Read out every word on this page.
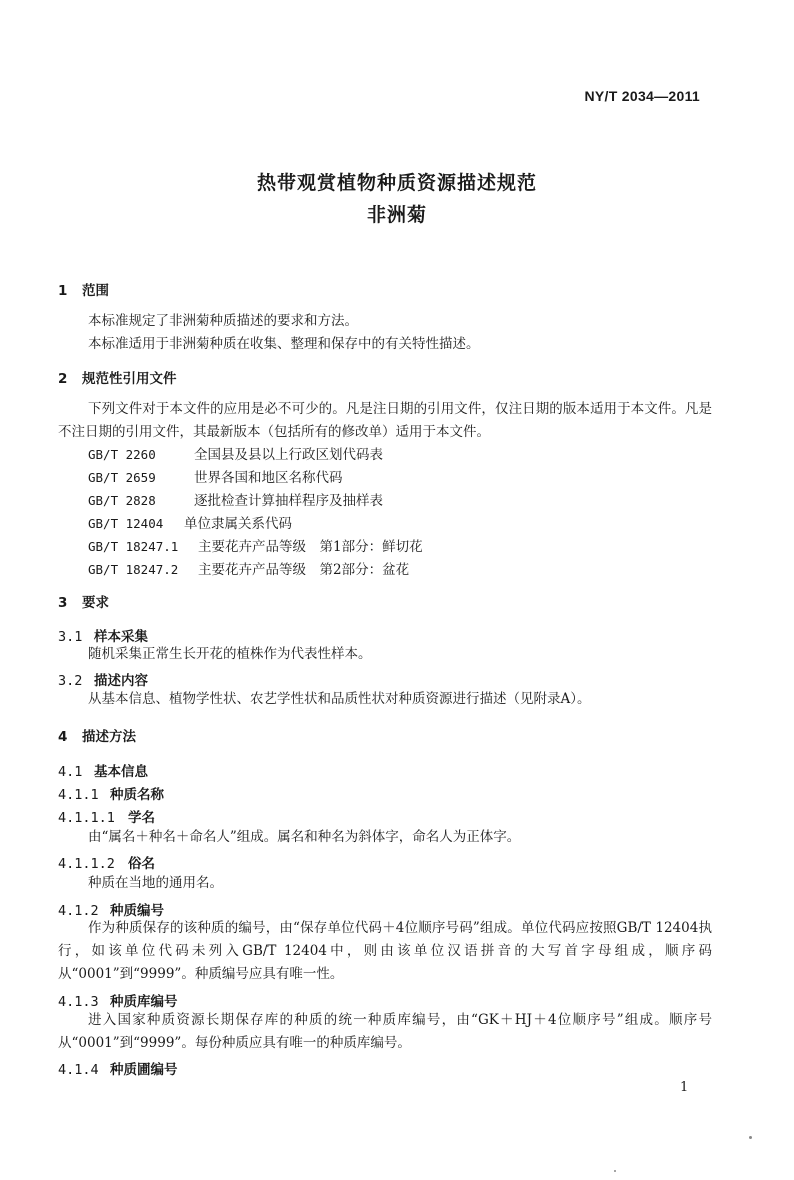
NY/T 2034—2011
热带观赏植物种质资源描述规范
非洲菊
1 范围
本标准规定了非洲菊种质描述的要求和方法。
本标准适用于非洲菊种质在收集、整理和保存中的有关特性描述。
2 规范性引用文件
下列文件对于本文件的应用是必不可少的。凡是注日期的引用文件，仅注日期的版本适用于本文件。凡是不注日期的引用文件，其最新版本（包括所有的修改单）适用于本文件。
GB/T 2260	全国县及县以上行政区划代码表
GB/T 2659	世界各国和地区名称代码
GB/T 2828	逐批检查计算抽样程序及抽样表
GB/T 12404 单位隶属关系代码
GB/T 18247.1 主要花卉产品等级　第1部分：鲜切花
GB/T 18247.2 主要花卉产品等级　第2部分：盆花
3 要求
3.1 样本采集
随机采集正常生长开花的植株作为代表性样本。
3.2 描述内容
从基本信息、植物学性状、农艺学性状和品质性状对种质资源进行描述（见附录A）。
4 描述方法
4.1 基本信息
4.1.1 种质名称
4.1.1.1 学名
由“属名＋种名＋命名人”组成。属名和种名为斜体字，命名人为正体字。
4.1.1.2 俗名
种质在当地的通用名。
4.1.2 种质编号
作为种质保存的该种质的编号，由“保存单位代码＋4位顺序号码”组成。单位代码应按照GB/T 12404执行，如该单位代码未列入GB/T 12404中，则由该单位汉语拼音的大写首字母组成，顺序码从“0001”到“9999”。种质编号应具有唯一性。
4.1.3 种质库编号
进入国家种质资源长期保存库的种质的统一种质库编号，由“GK＋HJ＋4位顺序号”组成。顺序号从“0001”到“9999”。每份种质应具有唯一的种质库编号。
4.1.4 种质圃编号
1
